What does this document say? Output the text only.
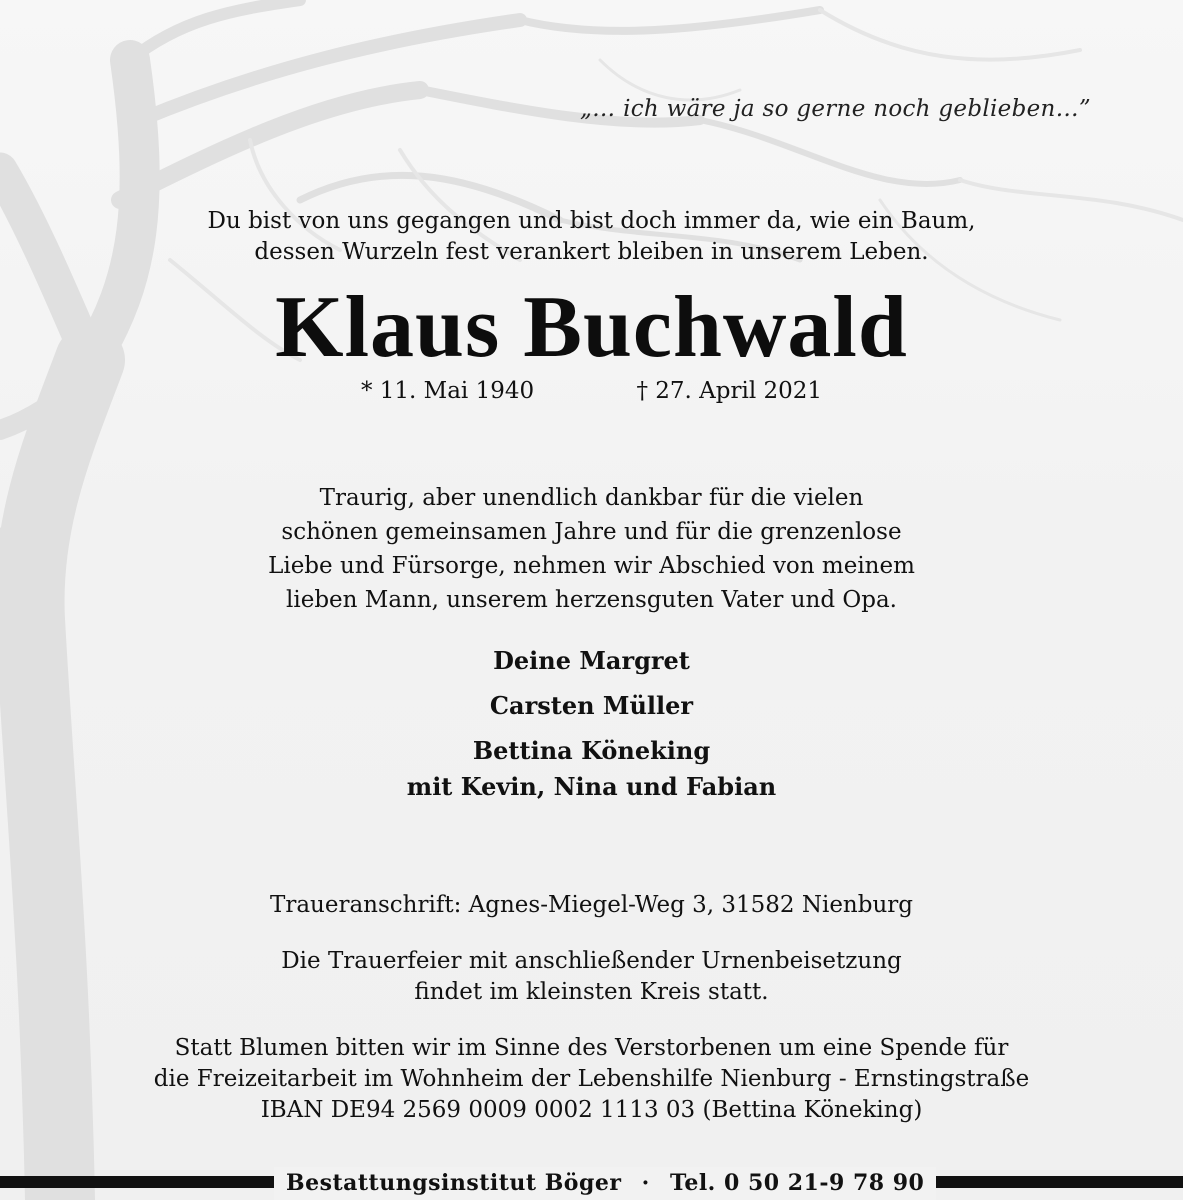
„… ich wäre ja so gerne noch geblieben…”
Du bist von uns gegangen und bist doch immer da, wie ein Baum,
dessen Wurzeln fest verankert bleiben in unserem Leben.
Klaus Buchwald
* 11. Mai 1940	† 27. April 2021
Traurig, aber unendlich dankbar für die vielen
schönen gemeinsamen Jahre und für die grenzenlose
Liebe und Fürsorge, nehmen wir Abschied von meinem
lieben Mann, unserem herzensguten Vater und Opa.
Deine Margret
Carsten Müller
Bettina Köneking
mit Kevin, Nina und Fabian
Traueranschrift: Agnes-Miegel-Weg 3, 31582 Nienburg
Die Trauerfeier mit anschließender Urnenbeisetzung
findet im kleinsten Kreis statt.
Statt Blumen bitten wir im Sinne des Verstorbenen um eine Spende für
die Freizeitarbeit im Wohnheim der Lebenshilfe Nienburg - Ernstingstraße
IBAN DE94 2569 0009 0002 1113 03 (Bettina Köneking)
Bestattungsinstitut Böger · Tel. 0 50 21-9 78 90
